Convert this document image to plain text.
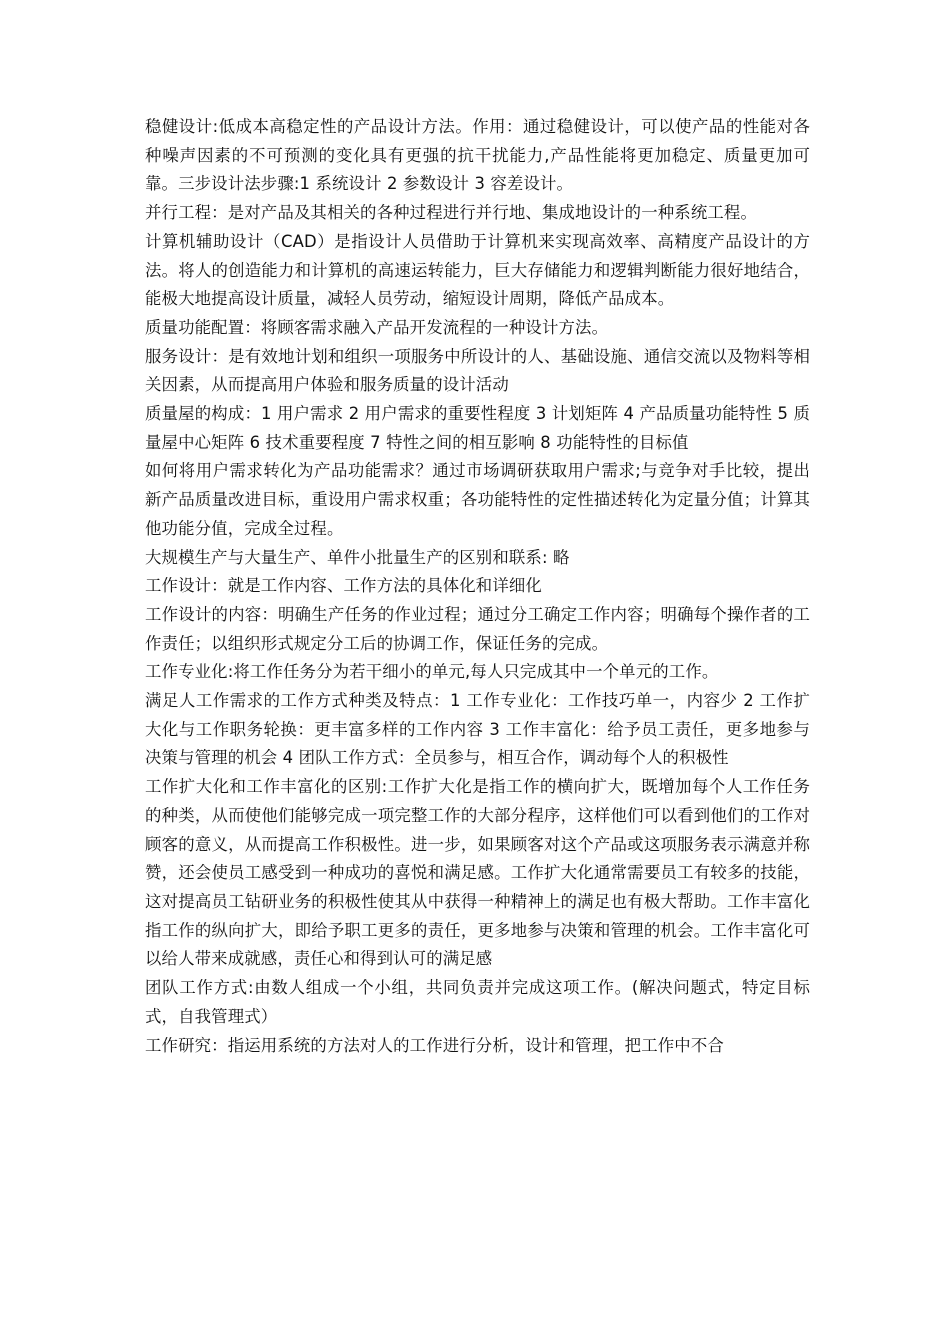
稳健设计:低成本高稳定性的产品设计方法。作用：通过稳健设计，可以使产品的性能对各种噪声因素的不可预测的变化具有更强的抗干扰能力,产品性能将更加稳定、质量更加可靠。三步设计法步骤:1 系统设计 2 参数设计 3 容差设计。

并行工程：是对产品及其相关的各种过程进行并行地、集成地设计的一种系统工程。

计算机辅助设计（CAD）是指设计人员借助于计算机来实现高效率、高精度产品设计的方法。将人的创造能力和计算机的高速运转能力，巨大存储能力和逻辑判断能力很好地结合，能极大地提高设计质量，减轻人员劳动，缩短设计周期，降低产品成本。

质量功能配置：将顾客需求融入产品开发流程的一种设计方法。

服务设计：是有效地计划和组织一项服务中所设计的人、基础设施、通信交流以及物料等相关因素，从而提高用户体验和服务质量的设计活动

质量屋的构成：1 用户需求 2 用户需求的重要性程度 3 计划矩阵 4 产品质量功能特性 5 质量屋中心矩阵 6 技术重要程度 7 特性之间的相互影响 8 功能特性的目标值

如何将用户需求转化为产品功能需求？通过市场调研获取用户需求;与竞争对手比较，提出新产品质量改进目标，重设用户需求权重；各功能特性的定性描述转化为定量分值；计算其他功能分值，完成全过程。

大规模生产与大量生产、单件小批量生产的区别和联系: 略

工作设计：就是工作内容、工作方法的具体化和详细化

工作设计的内容：明确生产任务的作业过程；通过分工确定工作内容；明确每个操作者的工作责任；以组织形式规定分工后的协调工作，保证任务的完成。

工作专业化:将工作任务分为若干细小的单元,每人只完成其中一个单元的工作。

满足人工作需求的工作方式种类及特点：1 工作专业化：工作技巧单一，内容少 2 工作扩大化与工作职务轮换：更丰富多样的工作内容 3 工作丰富化：给予员工责任，更多地参与决策与管理的机会 4 团队工作方式：全员参与，相互合作，调动每个人的积极性

工作扩大化和工作丰富化的区别:工作扩大化是指工作的横向扩大，既增加每个人工作任务的种类，从而使他们能够完成一项完整工作的大部分程序，这样他们可以看到他们的工作对顾客的意义，从而提高工作积极性。进一步，如果顾客对这个产品或这项服务表示满意并称赞，还会使员工感受到一种成功的喜悦和满足感。工作扩大化通常需要员工有较多的技能，这对提高员工钻研业务的积极性使其从中获得一种精神上的满足也有极大帮助。工作丰富化指工作的纵向扩大，即给予职工更多的责任，更多地参与决策和管理的机会。工作丰富化可以给人带来成就感，责任心和得到认可的满足感

团队工作方式:由数人组成一个小组，共同负责并完成这项工作。(解决问题式，特定目标式，自我管理式）

工作研究：指运用系统的方法对人的工作进行分析，设计和管理，把工作中不合
